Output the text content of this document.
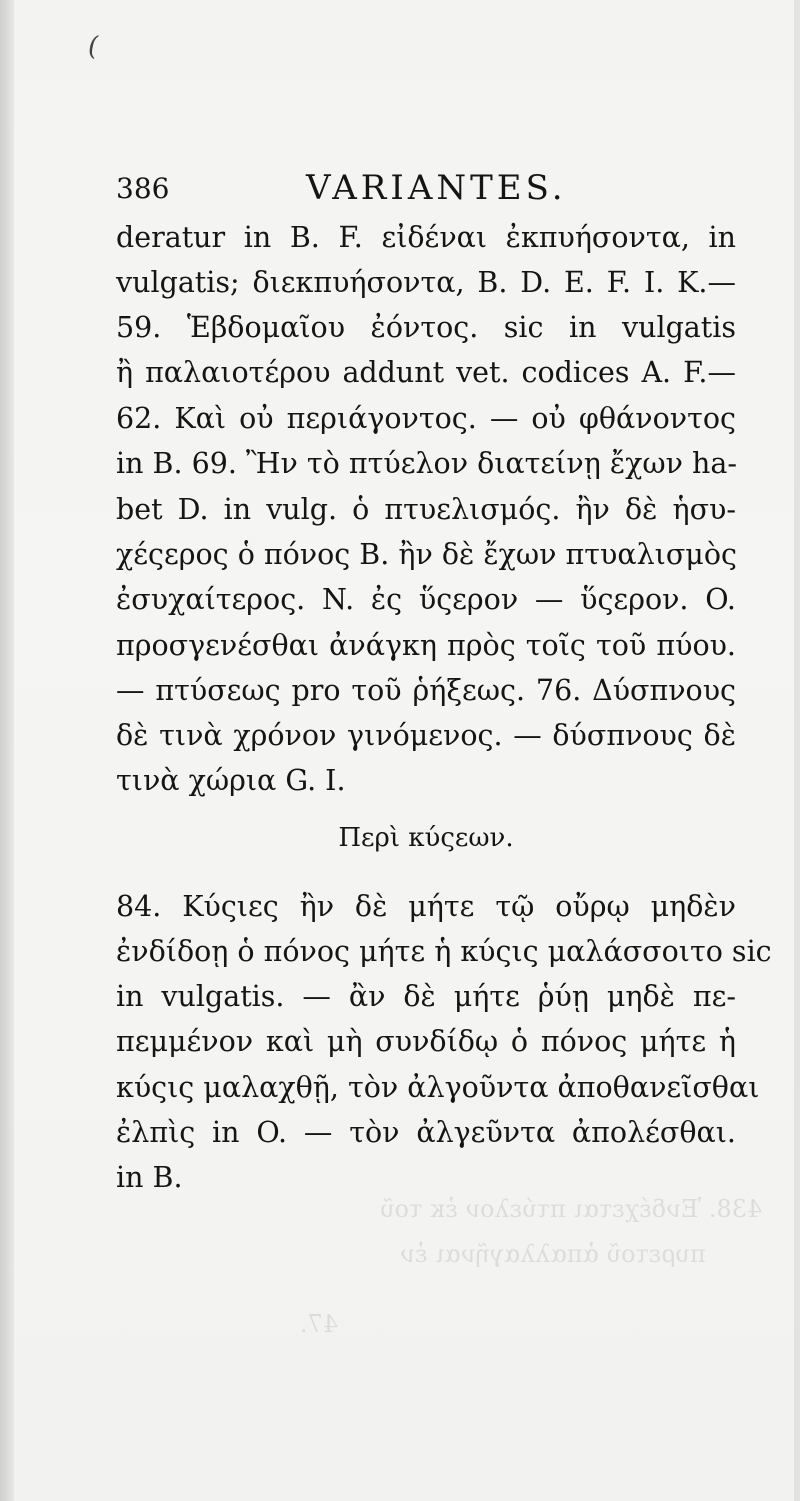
438. Ἐνδέχεται πτύελον ἐκ τοῦ
πυρετοῦ ἀπαλλαγῆναι ἐν
47.
(
386	VARIANTES.
deratur in B. F. εἰδέναι ἐκπυήσοντα, in
vulgatis; διεκπυήσοντα, B. D. E. F. I. K.—
59. Ἑβδομαῖου ἐόντος. sic in vulgatis
ἢ παλαιοτέρου addunt vet. codices A. F.—
62. Καὶ οὐ περιάγοντος. — οὐ φθάνοντος
in B. 69. Ἢν τὸ πτύελον διατείνῃ ἔχων ha-
bet D. in vulg. ὁ πτυελισμός. ἢν δὲ ἡσυ-
χέςερος ὁ πόνος B. ἢν δὲ ἔχων πτυαλισμὸς
ἐσυχαίτερος. N. ἐς ὕςερον — ὕςερον. O.
προσγενέσθαι ἀνάγκη πρὸς τοῖς τοῦ πύου.
— πτύσεως pro τοῦ ῥήξεως. 76. Δύσπνους
δὲ τινὰ χρόνον γινόμενος. — δύσπνους δὲ
τινὰ χώρια G. I.
Περὶ κύςεων.
84. Κύςιες ἢν δὲ μήτε τῷ οὔρῳ μηδὲν
ἐνδίδοῃ ὁ πόνος μήτε ἡ κύςις μαλάσσοιτο sic
in vulgatis. — ἂν δὲ μήτε ῥύῃ μηδὲ πε-
πεμμένον καὶ μὴ συνδίδῳ ὁ πόνος μήτε ἡ
κύςις μαλαχθῇ, τὸν ἀλγοῦντα ἀποθανεῖσθαι
ἐλπὶς in O. — τὸν ἀλγεῦντα ἀπολέσθαι.
in B.
